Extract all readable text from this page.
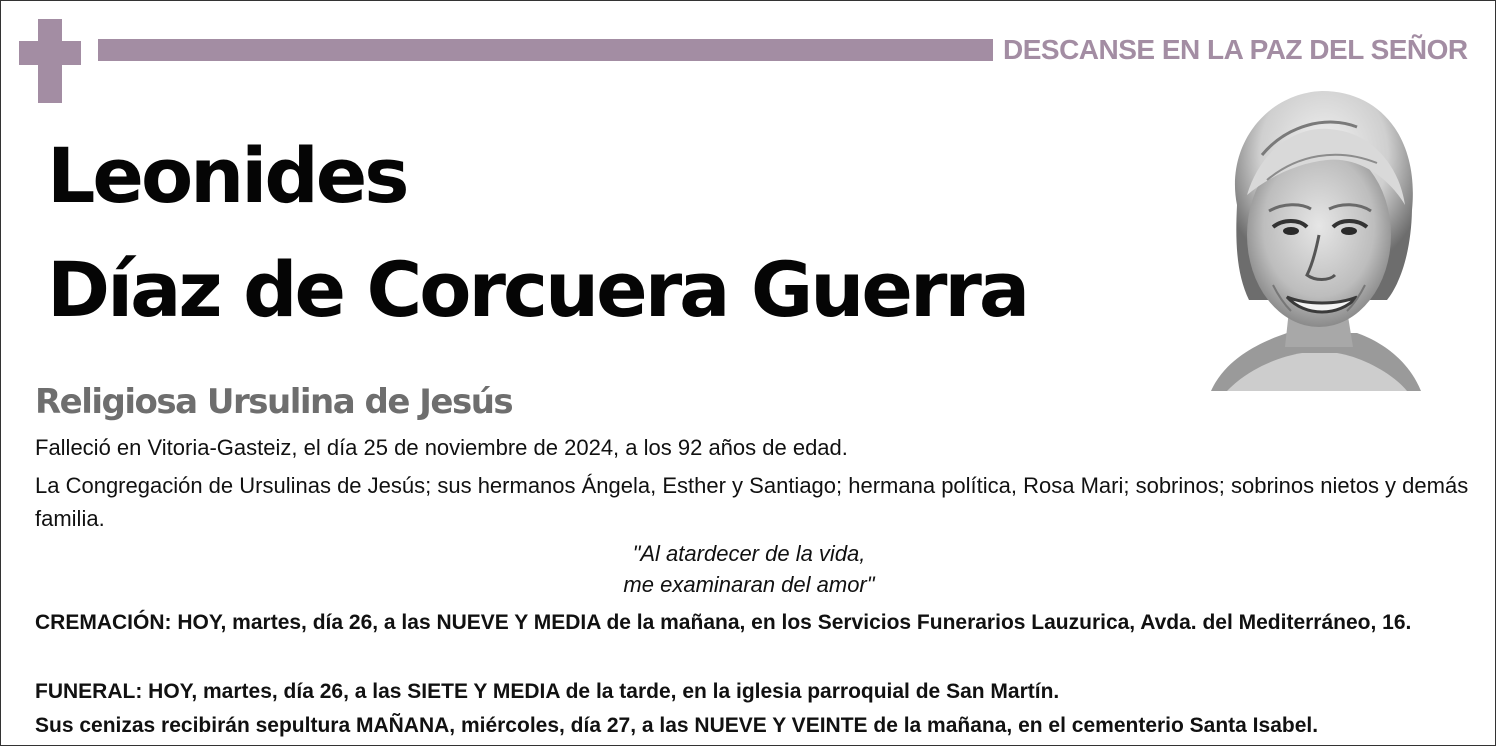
DESCANSE EN LA PAZ DEL SEÑOR
Leonides
Díaz de Corcuera Guerra
Religiosa Ursulina de Jesús
Falleció en Vitoria-Gasteiz, el día 25 de noviembre de 2024, a los 92 años de edad.
La Congregación de Ursulinas de Jesús; sus hermanos Ángela, Esther y Santiago; hermana política, Rosa Mari; sobrinos; sobrinos nietos y demás familia.
"Al atardecer de la vida,
me examinaran del amor"
CREMACIÓN: HOY, martes, día 26, a las NUEVE Y MEDIA de la mañana, en los Servicios Funerarios Lauzurica, Avda. del Mediterráneo, 16.
FUNERAL: HOY, martes, día 26, a las SIETE Y MEDIA de la tarde, en la iglesia parroquial de San Martín.
Sus cenizas recibirán sepultura MAÑANA, miércoles, día 27, a las NUEVE Y VEINTE de la mañana, en el cementerio Santa Isabel.
